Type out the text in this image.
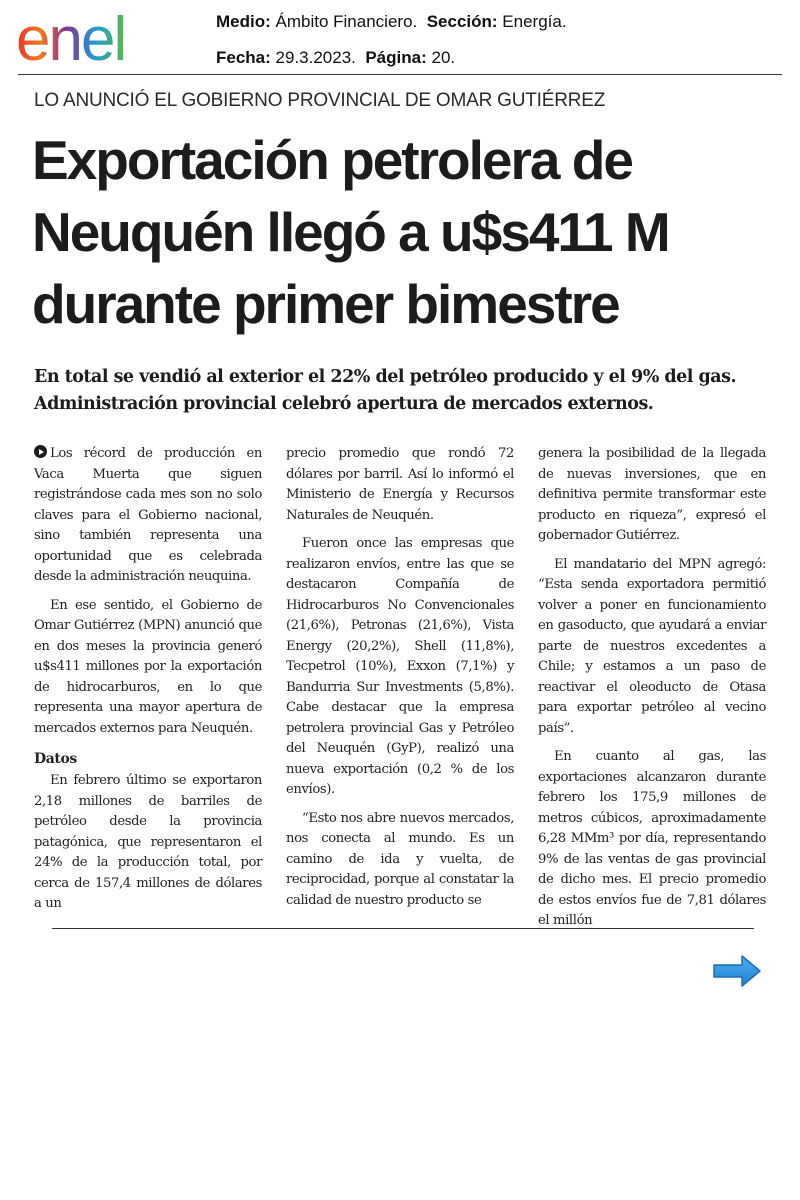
enel	Medio: Ámbito Financiero. Sección: Energía.
Fecha: 29.3.2023. Página: 20.
LO ANUNCIÓ EL GOBIERNO PROVINCIAL DE OMAR GUTIÉRREZ
Exportación petrolera de
Neuquén llegó a u$s411 M
durante primer bimestre
En total se vendió al exterior el 22% del petróleo producido y el 9% del gas.
Administración provincial celebró apertura de mercados externos.

Los récord de producción en Vaca Muerta que siguen registrándose cada mes son no solo claves para el Gobierno nacional, sino también representa una oportunidad que es celebrada desde la administración neuquina.

En ese sentido, el Gobierno de Omar Gutiérrez (MPN) anunció que en dos meses la provincia generó u$s411 millones por la exportación de hidrocarburos, en lo que representa una mayor apertura de mercados externos para Neuquén.

Datos

En febrero último se exportaron 2,18 millones de barriles de petróleo desde la provincia patagónica, que representaron el 24% de la producción total, por cerca de 157,4 millones de dólares a un

precio promedio que rondó 72 dólares por barril. Así lo informó el Ministerio de Energía y Recursos Naturales de Neuquén.

Fueron once las empresas que realizaron envíos, entre las que se destacaron Compañía de Hidrocarburos No Convencionales (21,6%), Petronas (21,6%), Vista Energy (20,2%), Shell (11,8%), Tecpetrol (10%), Exxon (7,1%) y Bandurria Sur Investments (5,8%). Cabe destacar que la empresa petrolera provincial Gas y Petróleo del Neuquén (GyP), realizó una nueva exportación (0,2 % de los envíos).

“Esto nos abre nuevos mercados, nos conecta al mundo. Es un camino de ida y vuelta, de reciprocidad, porque al constatar la calidad de nuestro producto se

genera la posibilidad de la llegada de nuevas inversiones, que en definitiva permite transformar este producto en riqueza”, expresó el gobernador Gutiérrez.

El mandatario del MPN agregó: “Esta senda exportadora permitió volver a poner en funcionamiento en gasoducto, que ayudará a enviar parte de nuestros excedentes a Chile; y estamos a un paso de reactivar el oleoducto de Otasa para exportar petróleo al vecino país”.

En cuanto al gas, las exportaciones alcanzaron durante febrero los 175,9 millones de metros cúbicos, aproximadamente 6,28 MMm³ por día, representando 9% de las ventas de gas provincial de dicho mes. El precio promedio de estos envíos fue de 7,81 dólares el millón
